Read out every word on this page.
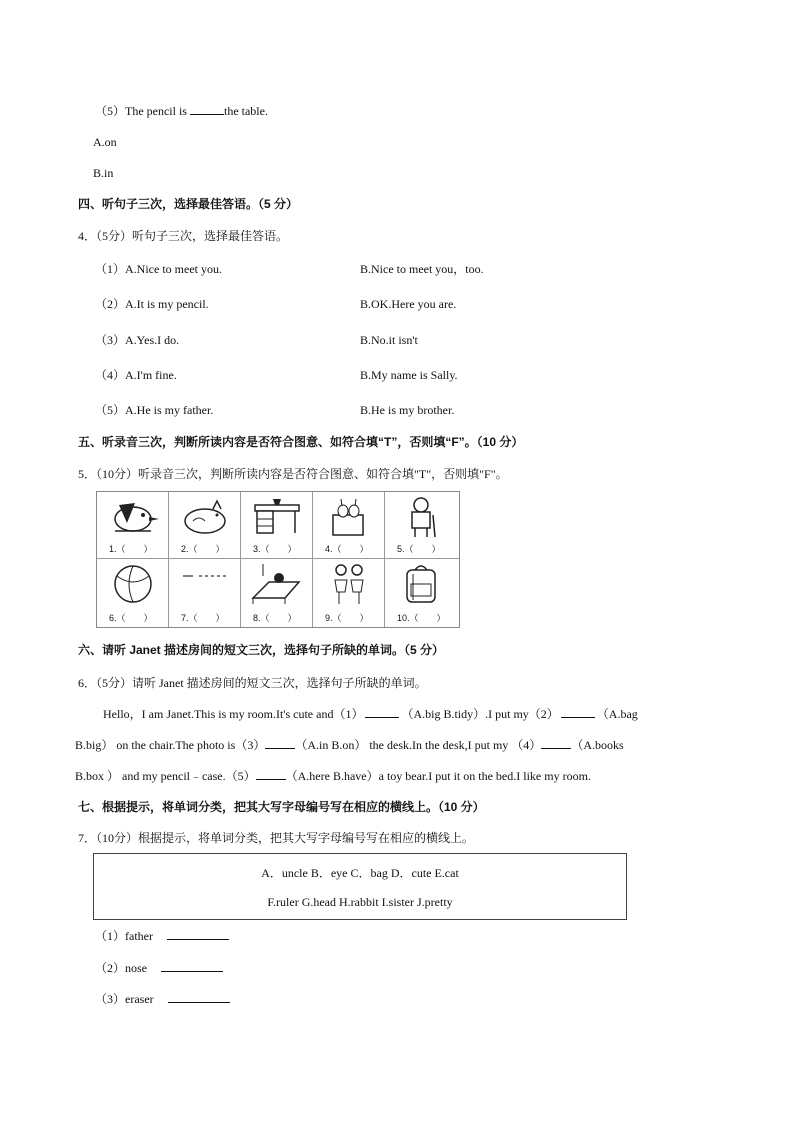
（5）The pencil is	the table.
A.on
B.in
四、听句子三次，选择最佳答语。（5 分）
4．（5分）听句子三次，选择最佳答语。
（1）A.Nice to meet you.	B.Nice to meet you，too.
（2）A.It is my pencil.	B.OK.Here you are.
（3）A.Yes.I do.	B.No.it isn't
（4）A.I'm fine.	B.My name is Sally.
（5）A.He is my father.	B.He is my brother.
五、听录音三次，判断所读内容是否符合图意、如符合填“T”，否则填“F”。（10 分）
5．（10分）听录音三次，判断所读内容是否符合图意、如符合填"T"，否则填"F"。
1.（　　）	2.（　　）	3.（　　）	4.（　　）	5.（　　）
6.（　　）	7.（　　）	8.（　　）	9.（　　）	10.（　　）
六、请听 Janet 描述房间的短文三次，选择句子所缺的单词。（5 分）
6．（5分）请听 Janet 描述房间的短文三次，选择句子所缺的单词。
Hello，I am Janet.This is my room.It's cute and（1）	（A.big B.tidy）.I put my（2）	（A.bag
B.big） on the chair.The photo is（3）	（A.in B.on） the desk.In the desk,I put my （4）	（A.books
B.box ） and my pencil﹣case.（5）	（A.here B.have）a toy bear.I put it on the bed.I like my room.
七、根据提示，将单词分类，把其大写字母编号写在相应的横线上。（10 分）
7．（10分）根据提示，将单词分类，把其大写字母编号写在相应的横线上。
A．uncle B．eye C．bag D．cute E.cat
F.ruler G.head H.rabbit I.sister J.pretty
（1）father
（2）nose
（3）eraser
